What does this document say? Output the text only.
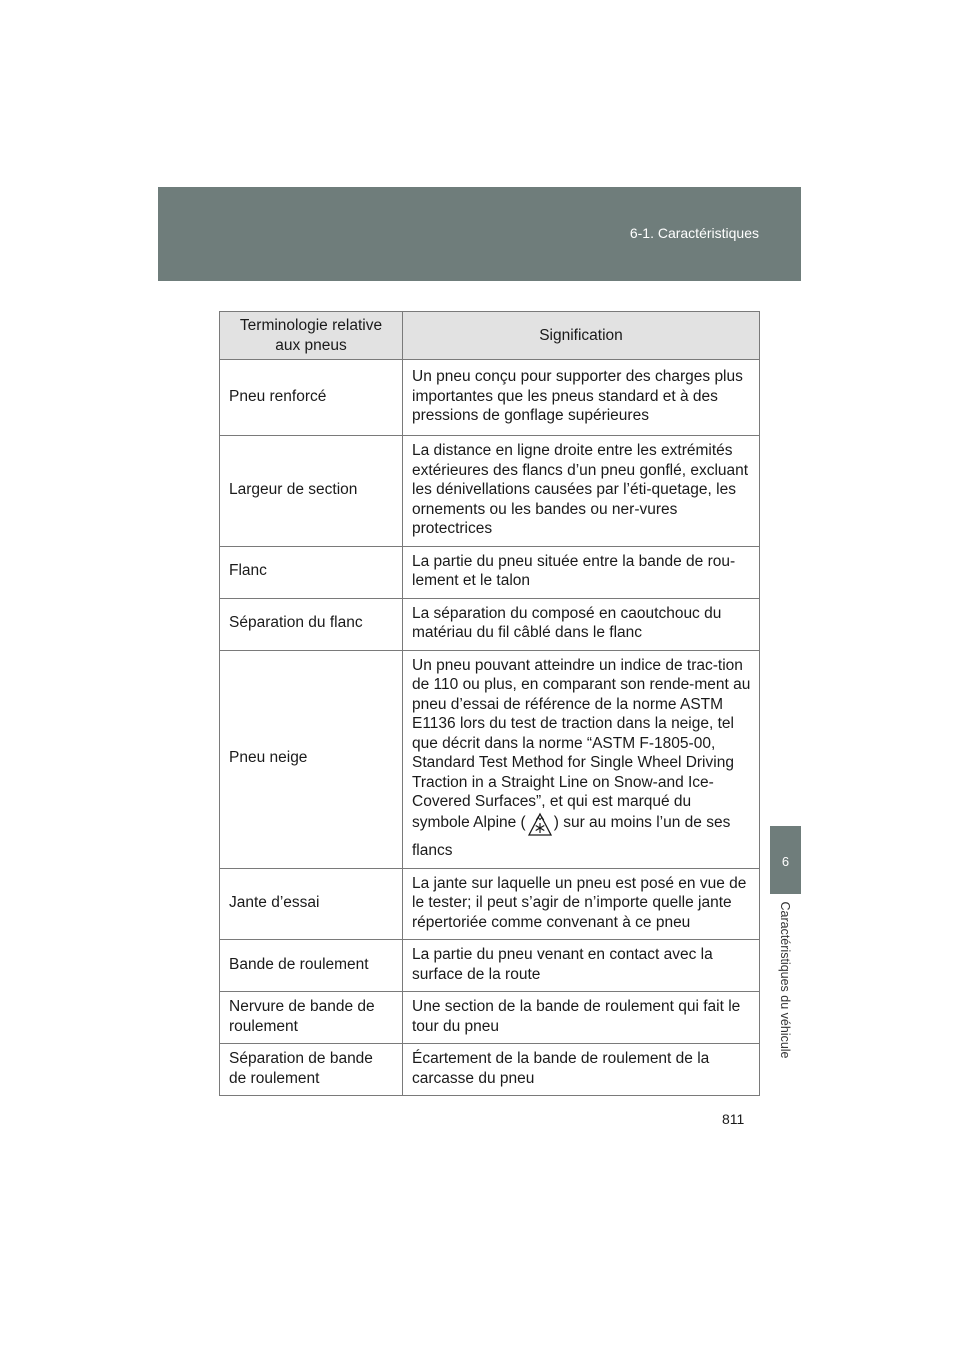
6-1. Caractéristiques
6
Caractéristiques du véhicule
Terminologie relative aux pneus	Signification
Pneu renforcé	Un pneu conçu pour supporter des charges plus importantes que les pneus standard et à des pressions de gonflage supérieures
Largeur de section	La distance en ligne droite entre les extrémités extérieures des flancs d’un pneu gonflé, excluant les dénivellations causées par l’éti-quetage, les ornements ou les bandes ou ner-vures protectrices
Flanc	La partie du pneu située entre la bande de rou-lement et le talon
Séparation du flanc	La séparation du composé en caoutchouc du matériau du fil câblé dans le flanc
Pneu neige	Un pneu pouvant atteindre un indice de trac-tion de 110 ou plus, en comparant son rende-ment au pneu d’essai de référence de la norme ASTM E1136 lors du test de traction dans la neige, tel que décrit dans la norme “ASTM F-1805-00, Standard Test Method for Single Wheel Driving Traction in a Straight Line on Snow-and Ice-Covered Surfaces”, et qui est marqué du symbole Alpine ( ) sur au moins l’un de ses flancs
Jante d’essai	La jante sur laquelle un pneu est posé en vue de le tester; il peut s’agir de n’importe quelle jante répertoriée comme convenant à ce pneu
Bande de roulement	La partie du pneu venant en contact avec la surface de la route
Nervure de bande de roulement	Une section de la bande de roulement qui fait le tour du pneu
Séparation de bande de roulement	Écartement de la bande de roulement de la carcasse du pneu
811
